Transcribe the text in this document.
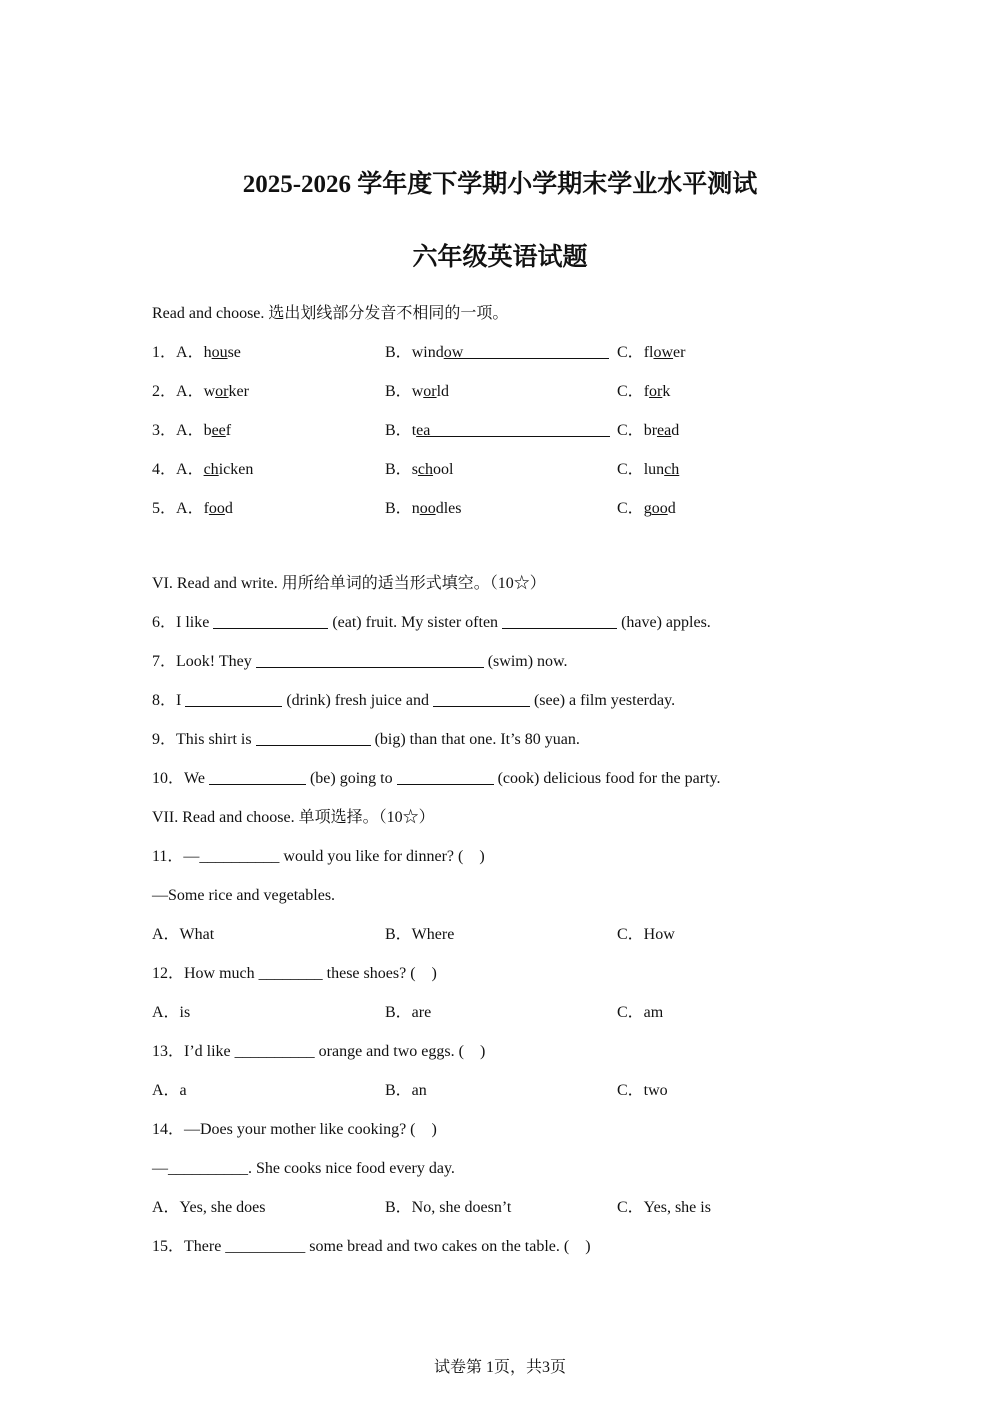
2025-2026 学年度下学期小学期末学业水平测试
六年级英语试题
Read and choose. 选出划线部分发音不相同的一项。
1．A．house	B．window	C．flower
2．A．worker	B．world	C．fork
3．A．beef	B．tea	C．bread
4．A．chicken	B．school	C．lunch
5．A．food	B．noodles	C．good
VI. Read and write. 用所给单词的适当形式填空。（10☆）
6．I like	(eat) fruit. My sister often	(have) apples.
7．Look! They	(swim) now.
8．I	(drink) fresh juice and	(see) a film yesterday.
9．This shirt is	(big) than that one. It’s 80 yuan.
10．We	(be) going to	(cook) delicious food for the party.
VII. Read and choose. 单项选择。（10☆）
11．—__________ would you like for dinner? (    )
—Some rice and vegetables.
A．What	B．Where	C．How
12．How much ________ these shoes? (    )
A．is	B．are	C．am
13．I’d like __________ orange and two eggs. (    )
A．a	B．an	C．two
14．—Does your mother like cooking? (    )
—__________. She cooks nice food every day.
A．Yes, she does	B．No, she doesn’t	C．Yes, she is
15．There __________ some bread and two cakes on the table. (    )
试卷第 1页，共3页
